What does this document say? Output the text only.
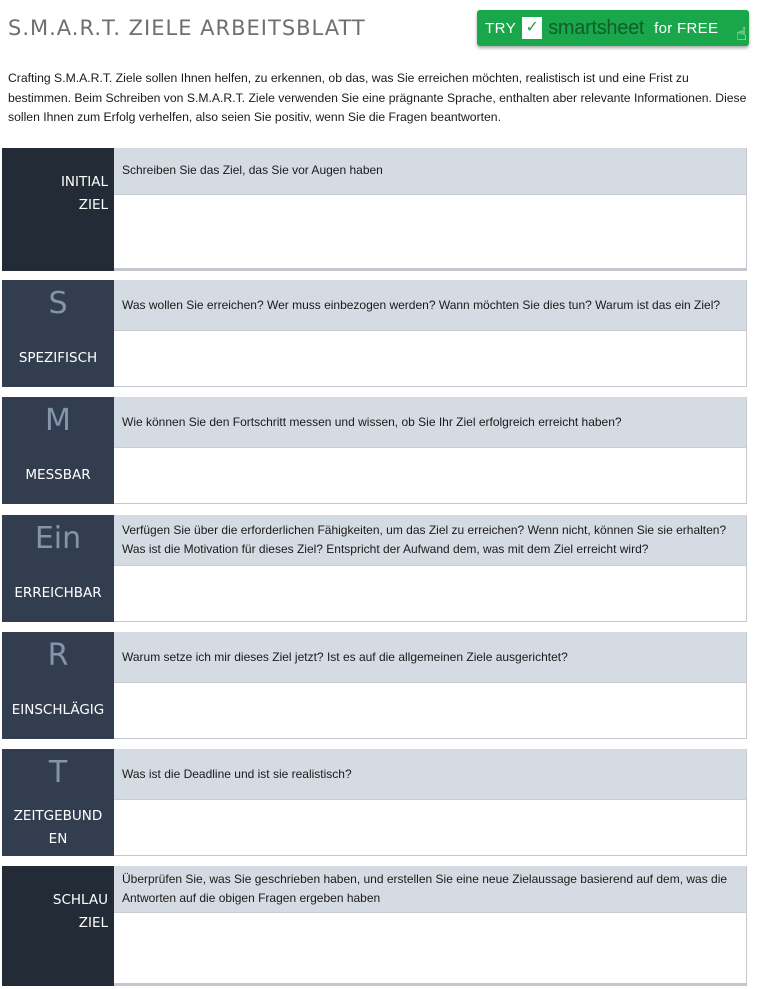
S.M.A.R.T. ZIELE ARBEITSBLATT	TRY ✓ smartsheet for FREE ☝

Crafting S.M.A.R.T. Ziele sollen Ihnen helfen, zu erkennen, ob das, was Sie erreichen möchten, realistisch ist und eine Frist zu bestimmen. Beim Schreiben von S.M.A.R.T. Ziele verwenden Sie eine prägnante Sprache, enthalten aber relevante Informationen. Diese sollen Ihnen zum Erfolg verhelfen, also seien Sie positiv, wenn Sie die Fragen beantworten.

INITIAL
ZIEL
Schreiben Sie das Ziel, das Sie vor Augen haben
S
SPEZIFISCH
Was wollen Sie erreichen? Wer muss einbezogen werden? Wann möchten Sie dies tun? Warum ist das ein Ziel?
M
MESSBAR
Wie können Sie den Fortschritt messen und wissen, ob Sie Ihr Ziel erfolgreich erreicht haben?
Ein
ERREICHBAR
Verfügen Sie über die erforderlichen Fähigkeiten, um das Ziel zu erreichen? Wenn nicht, können Sie sie erhalten?
Was ist die Motivation für dieses Ziel? Entspricht der Aufwand dem, was mit dem Ziel erreicht wird?
R
EINSCHLÄGIG
Warum setze ich mir dieses Ziel jetzt? Ist es auf die allgemeinen Ziele ausgerichtet?
T
ZEITGEBUND
EN
Was ist die Deadline und ist sie realistisch?
SCHLAU
ZIEL
Überprüfen Sie, was Sie geschrieben haben, und erstellen Sie eine neue Zielaussage basierend auf dem, was die
Antworten auf die obigen Fragen ergeben haben
